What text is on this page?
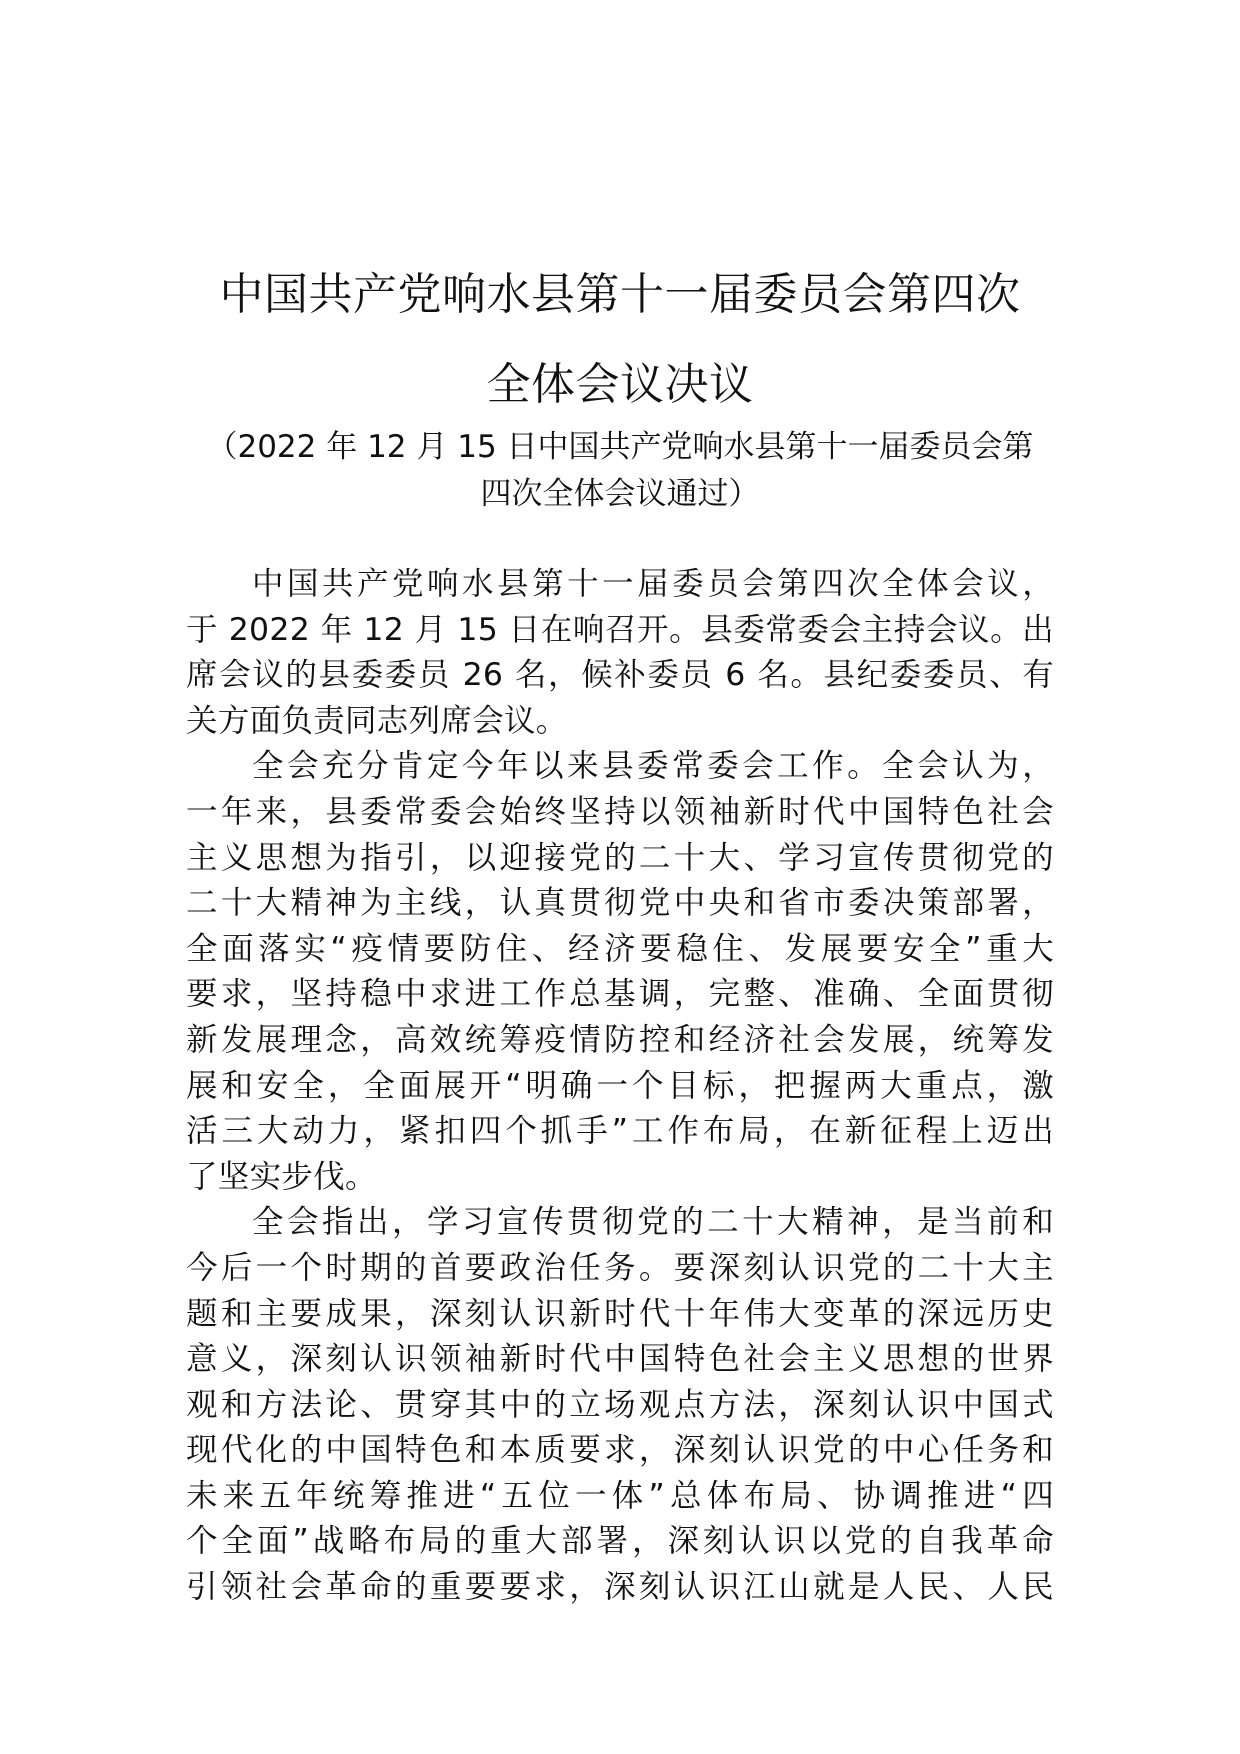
中国共产党响水县第十一届委员会第四次
全体会议决议

（2022 年 12 月 15 日中国共产党响水县第十一届委员会第

四次全体会议通过）

中国共产党响水县第十一届委员会第四次全体会议，
于 2022 年 12 月 15 日在响召开。县委常委会主持会议。出
席会议的县委委员 26 名，候补委员 6 名。县纪委委员、有
关方面负责同志列席会议。

全会充分肯定今年以来县委常委会工作。全会认为，
一年来，县委常委会始终坚持以领袖新时代中国特色社会
主义思想为指引，以迎接党的二十大、学习宣传贯彻党的
二十大精神为主线，认真贯彻党中央和省市委决策部署，
全面落实“疫情要防住、经济要稳住、发展要安全”重大
要求，坚持稳中求进工作总基调，完整、准确、全面贯彻
新发展理念，高效统筹疫情防控和经济社会发展，统筹发
展和安全，全面展开“明确一个目标，把握两大重点，激
活三大动力，紧扣四个抓手”工作布局，在新征程上迈出
了坚实步伐。

全会指出，学习宣传贯彻党的二十大精神，是当前和
今后一个时期的首要政治任务。要深刻认识党的二十大主
题和主要成果，深刻认识新时代十年伟大变革的深远历史
意义，深刻认识领袖新时代中国特色社会主义思想的世界
观和方法论、贯穿其中的立场观点方法，深刻认识中国式
现代化的中国特色和本质要求，深刻认识党的中心任务和
未来五年统筹推进“五位一体”总体布局、协调推进“四
个全面”战略布局的重大部署，深刻认识以党的自我革命
引领社会革命的重要要求，深刻认识江山就是人民、人民
